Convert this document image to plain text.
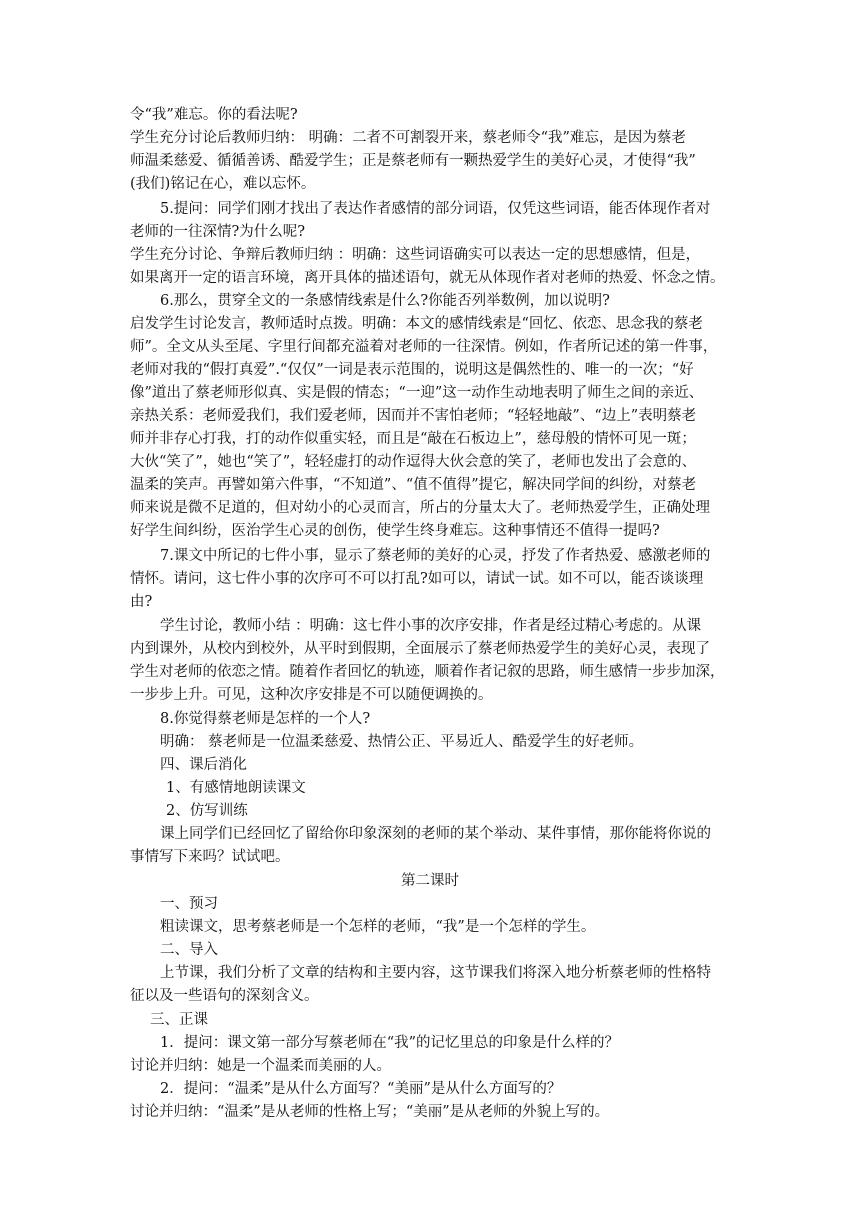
令“我”难忘。你的看法呢?
学生充分讨论后教师归纳： 明确：二者不可割裂开来，蔡老师令“我”难忘，是因为蔡老
师温柔慈爱、循循善诱、酷爱学生；正是蔡老师有一颗热爱学生的美好心灵，才使得“我”
(我们)铭记在心，难以忘怀。
5.提问：同学们刚才找出了表达作者感情的部分词语，仅凭这些词语，能否体现作者对
老师的一往深情?为什么呢?
学生充分讨论、争辩后教师归纳 ：明确：这些词语确实可以表达一定的思想感情，但是，
如果离开一定的语言环境，离开具体的描述语句，就无从体现作者对老师的热爱、怀念之情。
6.那么，贯穿全文的一条感情线索是什么?你能否列举数例，加以说明?
启发学生讨论发言，教师适时点拨。明确：本文的感情线索是“回忆、依恋、思念我的蔡老
师”。全文从头至尾、字里行间都充溢着对老师的一往深情。例如，作者所记述的第一件事，
老师对我的“假打真爱”.“仅仅”一词是表示范围的，说明这是偶然性的、唯一的一次；“好
像”道出了蔡老师形似真、实是假的情态；“一迎”这一动作生动地表明了师生之间的亲近、
亲热关系：老师爱我们，我们爱老师，因而并不害怕老师；“轻轻地敲”、“边上”表明蔡老
师并非存心打我，打的动作似重实轻，而且是“敲在石板边上”，慈母般的情怀可见一斑；
大伙“笑了”，她也“笑了”，轻轻虚打的动作逗得大伙会意的笑了，老师也发出了会意的、
温柔的笑声。再譬如第六件事，“不知道”、“值不值得”提它，解决同学间的纠纷，对蔡老
师来说是微不足道的，但对幼小的心灵而言，所占的分量太大了。老师热爱学生，正确处理
好学生间纠纷，医治学生心灵的创伤，使学生终身难忘。这种事情还不值得一提吗?
7.课文中所记的七件小事，显示了蔡老师的美好的心灵，抒发了作者热爱、感激老师的
情怀。请问，这七件小事的次序可不可以打乱?如可以，请试一试。如不可以，能否谈谈理
由?
学生讨论，教师小结 ：明确：这七件小事的次序安排，作者是经过精心考虑的。从课
内到课外，从校内到校外，从平时到假期，全面展示了蔡老师热爱学生的美好心灵，表现了
学生对老师的依恋之情。随着作者回忆的轨迹，顺着作者记叙的思路，师生感情一步步加深，
一步步上升。可见，这种次序安排是不可以随便调换的。
8.你觉得蔡老师是怎样的一个人?
明确： 蔡老师是一位温柔慈爱、热情公正、平易近人、酷爱学生的好老师。
四、课后消化
1、有感情地朗读课文
2、仿写训练
课上同学们已经回忆了留给你印象深刻的老师的某个举动、某件事情，那你能将你说的
事情写下来吗？试试吧。
第二课时
一、预习
粗读课文，思考蔡老师是一个怎样的老师，“我”是一个怎样的学生。
二、导入
上节课，我们分析了文章的结构和主要内容，这节课我们将深入地分析蔡老师的性格特
征以及一些语句的深刻含义。
三、正课
1．提问：课文第一部分写蔡老师在“我”的记忆里总的印象是什么样的？
讨论并归纳：她是一个温柔而美丽的人。
2．提问：“温柔”是从什么方面写？“美丽”是从什么方面写的？
讨论并归纳：“温柔”是从老师的性格上写；“美丽”是从老师的外貌上写的。
